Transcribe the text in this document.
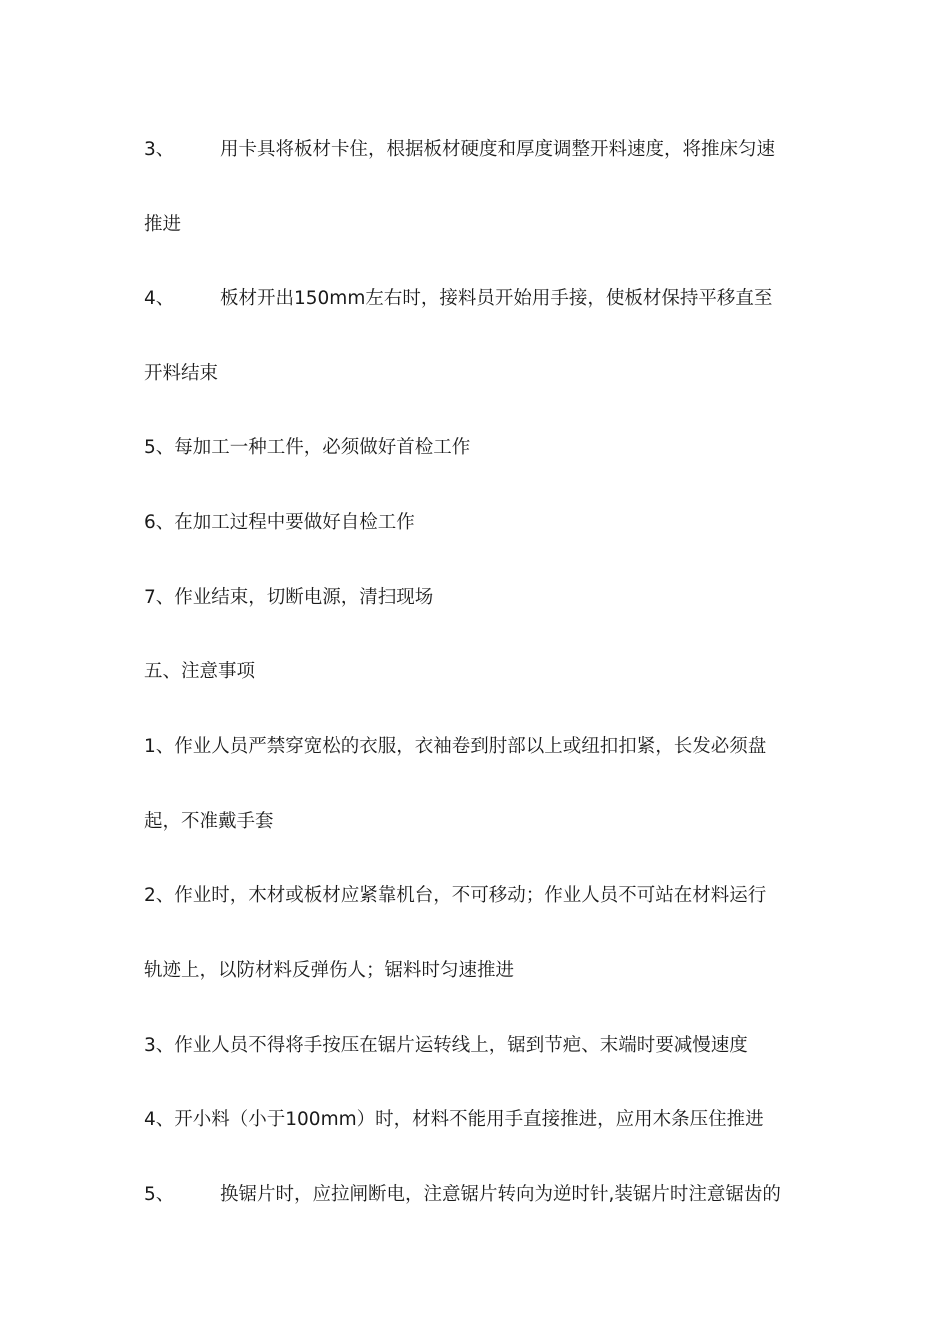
3、 用卡具将板材卡住，根据板材硬度和厚度调整开料速度，将推床匀速
推进
4、 板材开出150mm左右时，接料员开始用手接，使板材保持平移直至
开料结束
5、每加工一种工件，必须做好首检工作
6、在加工过程中要做好自检工作
7、作业结束，切断电源，清扫现场
五、注意事项
1、作业人员严禁穿宽松的衣服，衣袖卷到肘部以上或纽扣扣紧，长发必须盘
起，不准戴手套
2、作业时，木材或板材应紧靠机台，不可移动；作业人员不可站在材料运行
轨迹上，以防材料反弹伤人；锯料时匀速推进
3、作业人员不得将手按压在锯片运转线上，锯到节疤、末端时要减慢速度
4、开小料（小于100mm）时，材料不能用手直接推进，应用木条压住推进
5、 换锯片时，应拉闸断电，注意锯片转向为逆时针,装锯片时注意锯齿的
